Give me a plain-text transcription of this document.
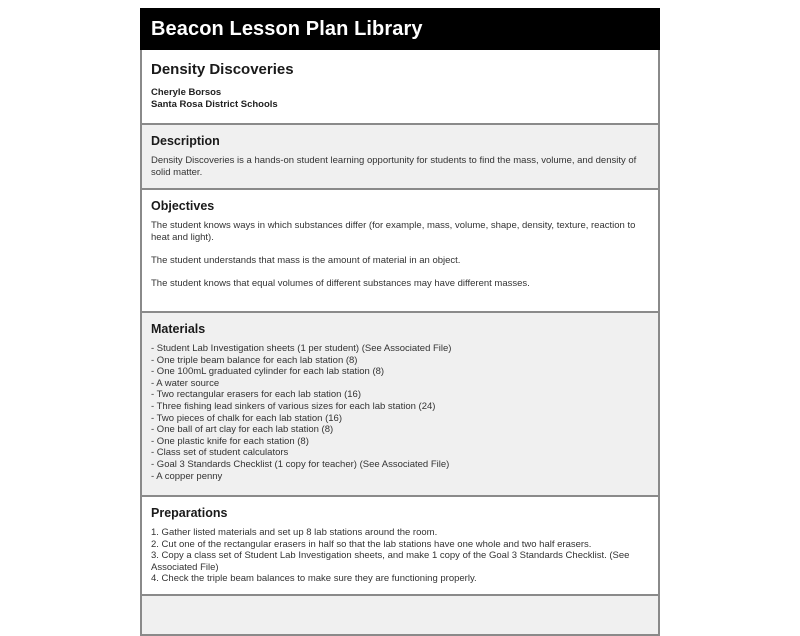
Beacon Lesson Plan Library
Density Discoveries
Cheryle Borsos
Santa Rosa District Schools
Description
Density Discoveries is a hands-on student learning opportunity for students to find the mass, volume, and density of solid matter.
Objectives

The student knows ways in which substances differ (for example, mass, volume, shape, density, texture, reaction to heat and light).

The student understands that mass is the amount of material in an object.

The student knows that equal volumes of different substances may have different masses.

Materials
- Student Lab Investigation sheets (1 per student) (See Associated File)
- One triple beam balance for each lab station (8)
- One 100mL graduated cylinder for each lab station (8)
- A water source
- Two rectangular erasers for each lab station (16)
- Three fishing lead sinkers of various sizes for each lab station (24)
- Two pieces of chalk for each lab station (16)
- One ball of art clay for each lab station (8)
- One plastic knife for each station (8)
- Class set of student calculators
- Goal 3 Standards Checklist (1 copy for teacher) (See Associated File)
- A copper penny
Preparations
1. Gather listed materials and set up 8 lab stations around the room.
2. Cut one of the rectangular erasers in half so that the lab stations have one whole and two half erasers.
3. Copy a class set of Student Lab Investigation sheets, and make 1 copy of the Goal 3 Standards Checklist. (See Associated File)
4. Check the triple beam balances to make sure they are functioning properly.
